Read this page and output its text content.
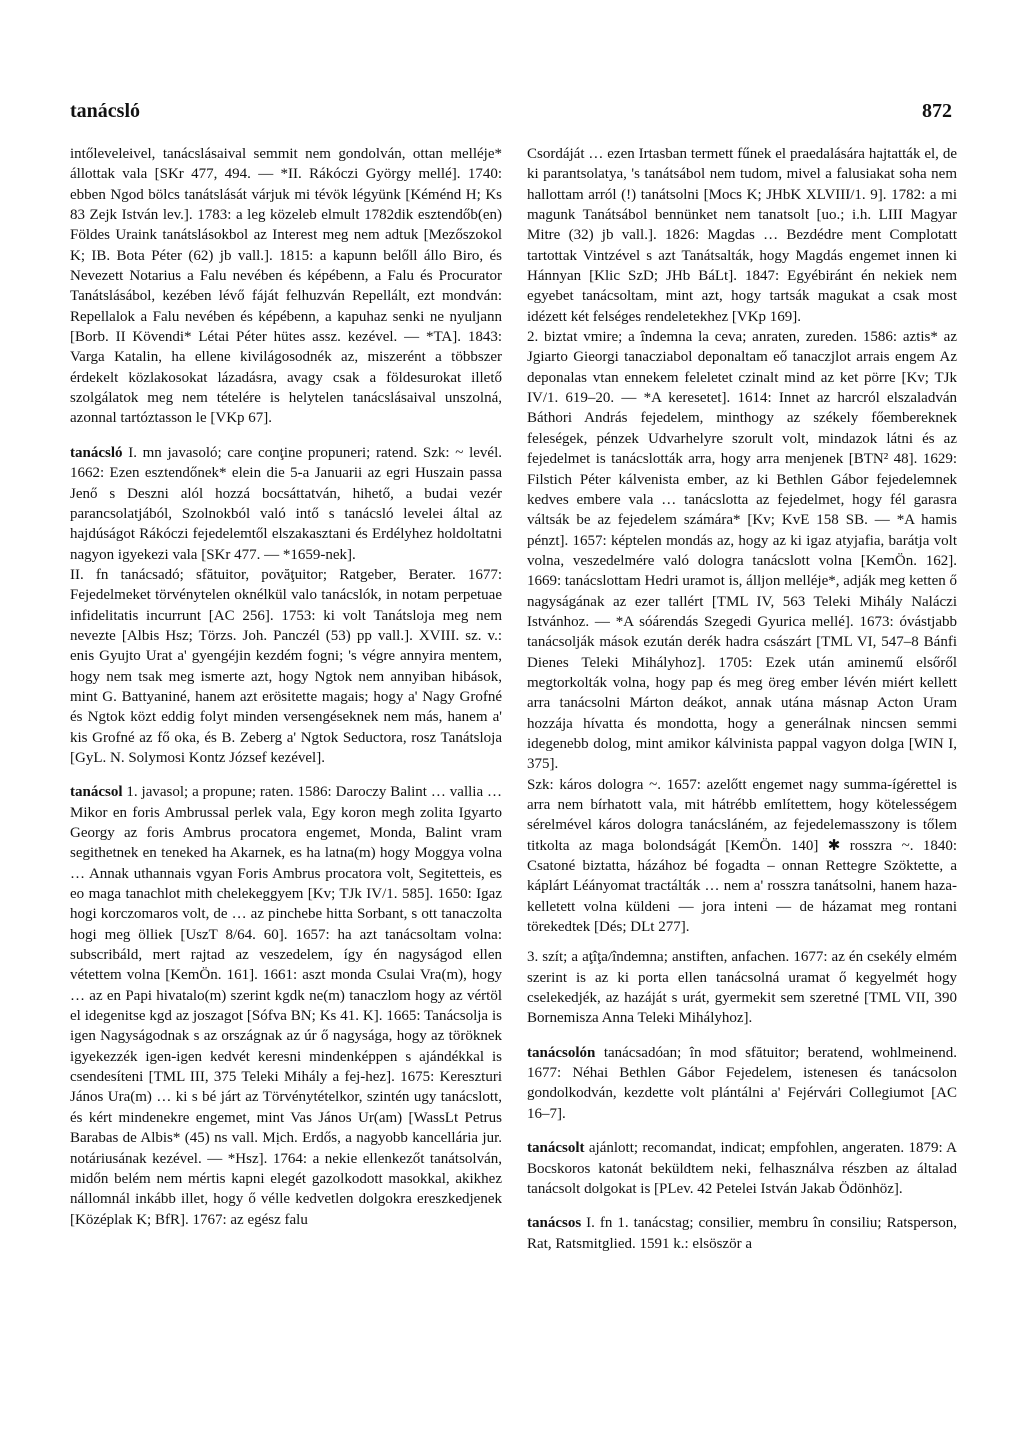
tanácsló	872

intőleveleivel, tanácslásaival semmit nem gondolván, ottan melléje* állottak vala [SKr 477, 494. — *II. Rákóczi György mellé]. 1740: ebben Ngod bölcs tanátslását várjuk mi tévök légyünk [Kéménd H; Ks 83 Zejk István lev.]. 1783: a leg közeleb elmult 1782dik esztendőb(en) Földes Uraink tanátslásokbol az Interest meg nem adtuk [Mezőszokol K; IB. Bota Péter (62) jb vall.]. 1815: a kapunn belőll állo Biro, és Nevezett Notarius a Falu nevében és képébenn, a Falu és Procurator Tanátslásábol, kezében lévő fáját felhuzván Repellált, ezt mondván: Repellalok a Falu nevében és képébenn, a kapuhaz senki ne nyuljann [Borb. II Kövendi* Létai Péter hütes assz. kezével. — *TA]. 1843: Varga Katalin, ha ellene kivilágosodnék az, miszerént a többszer érdekelt közlakosokat lázadásra, avagy csak a földesurokat illető szolgálatok meg nem tételére is helytelen tanácslásaival unszolná, azonnal tartóztasson le [VKp 67].

tanácsló I. mn javasoló; care conţine propuneri; ratend. Szk: ~ levél. 1662: Ezen esztendőnek* elein die 5-a Januarii az egri Huszain passa Jenő s Deszni alól hozzá bocsáttatván, hihető, a budai vezér parancsolatjából, Szolnokból való intő s tanácsló levelei által az hajdúságot Rákóczi fejedelemtől elszakasztani és Erdélyhez holdoltatni nagyon igyekezi vala [SKr 477. — *1659-nek].

II. fn tanácsadó; sfătuitor, povăţuitor; Ratgeber, Berater. 1677: Fejedelmeket törvénytelen oknélkül valo tanácslók, in notam perpetuae infidelitatis incurrunt [AC 256]. 1753: ki volt Tanátsloja meg nem nevezte [Albis Hsz; Törzs. Joh. Panczél (53) pp vall.]. XVIII. sz. v.: enis Gyujto Urat a' gyengéjin kezdém fogni; 's végre annyira mentem, hogy nem tsak meg ismerte azt, hogy Ngtok nem annyiban hibások, mint G. Battyaniné, hanem azt erösitette magais; hogy a' Nagy Grofné és Ngtok közt eddig folyt minden versengéseknek nem más, hanem a' kis Grofné az fő oka, és B. Zeberg a' Ngtok Seductora, rosz Tanátsloja [GyL. N. Solymosi Kontz József kezével].

tanácsol 1. javasol; a propune; raten. 1586: Daroczy Balint … vallia … Mikor en foris Ambrussal perlek vala, Egy koron megh zolita Igyarto Georgy az foris Ambrus procatora engemet, Monda, Balint vram segithetnek en teneked ha Akarnek, es ha latna(m) hogy Moggya volna … Annak uthannais vgyan Foris Ambrus procatora volt, Segitetteis, es eo maga tanachlot mith chelekeggyem [Kv; TJk IV/1. 585]. 1650: Igaz hogi korczomaros volt, de … az pinchebe hitta Sorbant, s ott tanaczolta hogi meg ölliek [UszT 8/64. 60]. 1657: ha azt tanácsoltam volna: subscribáld, mert rajtad az veszedelem, így én nagyságod ellen vétettem volna [KemÖn. 161]. 1661: aszt monda Csulai Vra(m), hogy … az en Papi hivatalo(m) szerint kgdk ne(m) tanaczlom hogy az vértöl el idegenitse kgd az joszagot [Sófva BN; Ks 41. K]. 1665: Tanácsolja is igen Nagyságodnak s az országnak az úr ő nagysága, hogy az töröknek igyekezzék igen-igen kedvét keresni mindenképpen s ajándékkal is csendesíteni [TML III, 375 Teleki Mihály a fej-hez]. 1675: Kereszturi János Ura(m) … ki s bé járt az Törvénytételkor, szintén ugy tanácslott, és kért mindenekre engemet, mint Vas János Ur(am) [WassLt Petrus Barabas de Albis* (45) ns vall. Mịch. Erdős, a nagyobb kancellária jur. notáriusának kezével. — *Hsz]. 1764: a nekie ellenkezőt tanátsolván, midőn belém nem mértis kapni elegét gazolkodott masokkal, akikhez nállomnál inkább illet, hogy ő vélle kedvetlen dolgokra ereszkedjenek [Középlak K; BfR]. 1767: az egész falu

Csordáját … ezen Irtasban termett fűnek el praedalására hajtatták el, de ki parantsolatya, 's tanátsábol nem tudom, mivel a falusiakat soha nem hallottam arról (!) tanátsolni [Mocs K; JHbK XLVIII/1. 9]. 1782: a mi magunk Tanátsábol bennünket nem tanatsolt [uo.; i.h. LIII Magyar Mitre (32) jb vall.]. 1826: Magdas … Bezdédre ment Complotatt tartottak Vintzével s azt Tanátsalták, hogy Magdás engemet innen ki Hánnyan [Klic SzD; JHb BáLt]. 1847: Egyébiránt én nekiek nem egyebet tanácsoltam, mint azt, hogy tartsák magukat a csak most idézett két felséges rendeletekhez [VKp 169].

2. biztat vmire; a îndemna la ceva; anraten, zureden. 1586: aztis* az Jgiarto Gieorgi tanacziabol deponaltam eő tanaczjlot arrais engem Az deponalas vtan ennekem feleletet czinalt mind az ket pörre [Kv; TJk IV/1. 619–20. — *A keresetet]. 1614: Innet az harcról elszaladván Báthori András fejedelem, minthogy az székely főembereknek feleségek, pénzek Udvarhelyre szorult volt, mindazok látni és az fejedelmet is tanácslották arra, hogy arra menjenek [BTN² 48]. 1629: Filstich Péter kálvenista ember, az ki Bethlen Gábor fejedelemnek kedves embere vala … tanácslotta az fejedelmet, hogy fél garasra váltsák be az fejedelem számára* [Kv; KvE 158 SB. — *A hamis pénzt]. 1657: képtelen mondás az, hogy az ki igaz atyjafia, barátja volt volna, veszedelmére való dologra tanácslott volna [KemÖn. 162]. 1669: tanácslottam Hedri uramot is, álljon melléje*, adják meg ketten ő nagyságának az ezer tallért [TML IV, 563 Teleki Mihály Naláczi Istvánhoz. — *A sóárendás Szegedi Gyurica mellé]. 1673: óvástjabb tanácsolják mások ezután derék hadra császárt [TML VI, 547–8 Bánfi Dienes Teleki Mihályhoz]. 1705: Ezek után aminemű elsőről megtorkolták volna, hogy pap és meg öreg ember lévén miért kellett arra tanácsolni Márton deákot, annak utána másnap Acton Uram hozzája hívatta és mondotta, hogy a generálnak nincsen semmi idegenebb dolog, mint amikor kálvinista pappal vagyon dolga [WIN I, 375].

Szk: káros dologra ~. 1657: azelőtt engemet nagy summa-ígérettel is arra nem bírhatott vala, mit hátrébb említettem, hogy kötelességem sérelmével káros dologra tanácsláném, az fejedelemasszony is tőlem titkolta az maga bolondságát [KemÖn. 140] ✱ rosszra ~. 1840: Csatoné biztatta, házához bé fogadta – onnan Rettegre Szöktette, a káplárt Léányomat tractálták … nem a' rosszra tanátsolni, hanem haza-kelletett volna küldeni — jora inteni — de házamat meg rontani törekedtek [Dés; DLt 277].

3. szít; a aţîţa/îndemna; anstiften, anfachen. 1677: az én csekély elmém szerint is az ki porta ellen tanácsolná uramat ő kegyelmét hogy cselekedjék, az hazáját s urát, gyermekit sem szeretné [TML VII, 390 Bornemisza Anna Teleki Mihályhoz].

tanácsolón tanácsadóan; în mod sfătuitor; beratend, wohlmeinend. 1677: Néhai Bethlen Gábor Fejedelem, istenesen és tanácsolon gondolkodván, kezdette volt plántálni a' Fejérvári Collegiumot [AC 16–7].

tanácsolt ajánlott; recomandat, indicat; empfohlen, angeraten. 1879: A Bocskoros katonát beküldtem neki, felhasználva részben az általad tanácsolt dolgokat is [PLev. 42 Petelei István Jakab Ödönhöz].

tanácsos I. fn 1. tanácstag; consilier, membru în consiliu; Ratsperson, Rat, Ratsmitglied. 1591 k.: elsöször a
